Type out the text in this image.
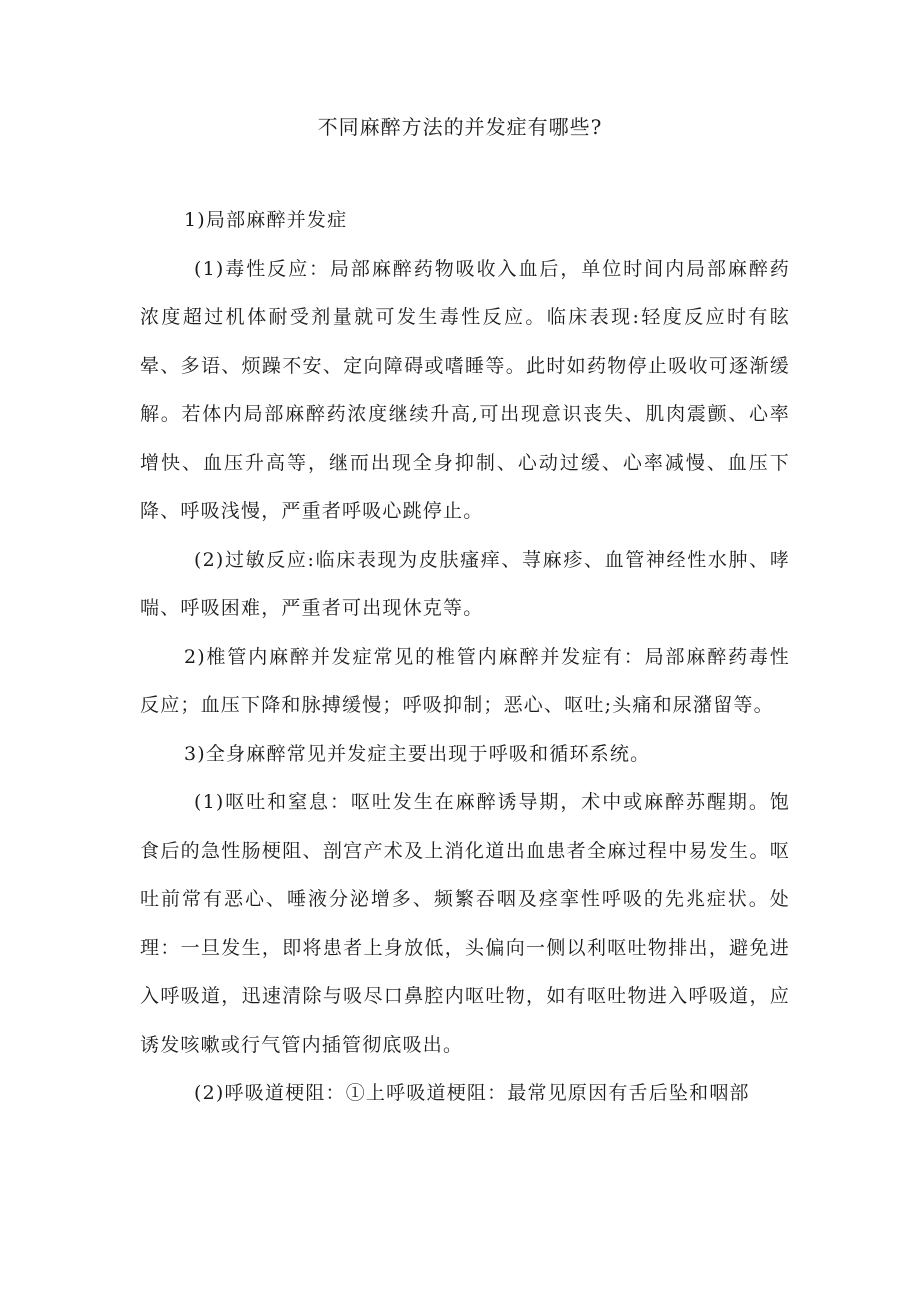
不同麻醉方法的并发症有哪些?

1)局部麻醉并发症

(1)毒性反应：局部麻醉药物吸收入血后，单位时间内局部麻醉药浓度超过机体耐受剂量就可发生毒性反应。临床表现:轻度反应时有眩晕、多语、烦躁不安、定向障碍或嗜睡等。此时如药物停止吸收可逐渐缓解。若体内局部麻醉药浓度继续升高,可出现意识丧失、肌肉震颤、心率增快、血压升高等，继而出现全身抑制、心动过缓、心率减慢、血压下降、呼吸浅慢，严重者呼吸心跳停止。

(2)过敏反应:临床表现为皮肤瘙痒、荨麻疹、血管神经性水肿、哮喘、呼吸困难，严重者可出现休克等。

2)椎管内麻醉并发症常见的椎管内麻醉并发症有：局部麻醉药毒性反应；血压下降和脉搏缓慢；呼吸抑制；恶心、呕吐;头痛和尿潴留等。

3)全身麻醉常见并发症主要出现于呼吸和循环系统。

(1)呕吐和窒息：呕吐发生在麻醉诱导期，术中或麻醉苏醒期。饱食后的急性肠梗阻、剖宫产术及上消化道出血患者全麻过程中易发生。呕吐前常有恶心、唾液分泌增多、频繁吞咽及痉挛性呼吸的先兆症状。处理：一旦发生，即将患者上身放低，头偏向一侧以利呕吐物排出，避免进入呼吸道，迅速清除与吸尽口鼻腔内呕吐物，如有呕吐物进入呼吸道，应诱发咳嗽或行气管内插管彻底吸出。

(2)呼吸道梗阻：①上呼吸道梗阻：最常见原因有舌后坠和咽部
